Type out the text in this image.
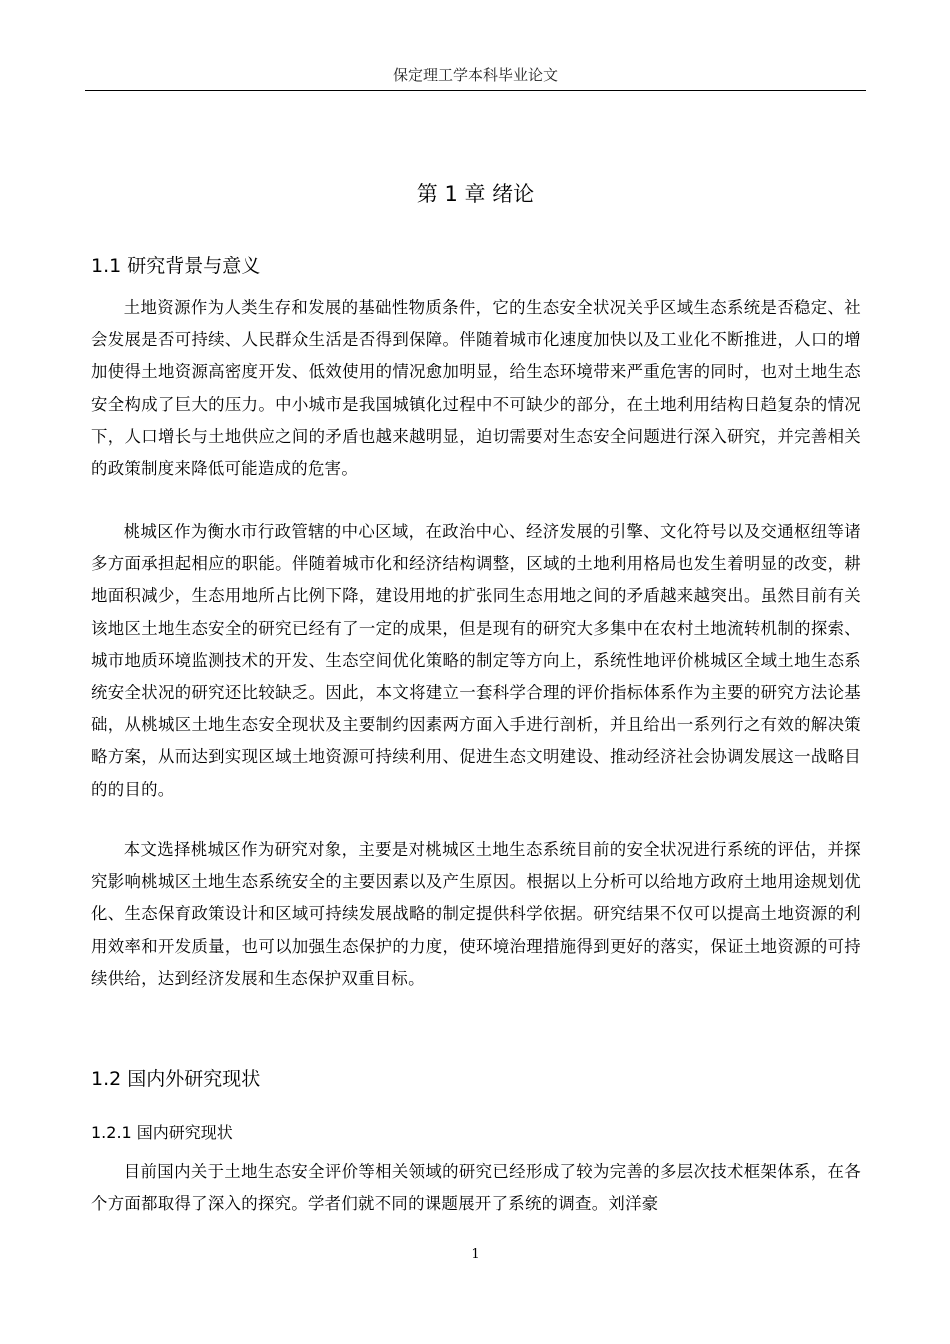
保定理工学本科毕业论文
第 1 章 绪论
1.1 研究背景与意义

土地资源作为人类生存和发展的基础性物质条件，它的生态安全状况关乎区域生态系统是否稳定、社会发展是否可持续、人民群众生活是否得到保障。伴随着城市化速度加快以及工业化不断推进，人口的增加使得土地资源高密度开发、低效使用的情况愈加明显，给生态环境带来严重危害的同时，也对土地生态安全构成了巨大的压力。中小城市是我国城镇化过程中不可缺少的部分，在土地利用结构日趋复杂的情况下，人口增长与土地供应之间的矛盾也越来越明显，迫切需要对生态安全问题进行深入研究，并完善相关的政策制度来降低可能造成的危害。

桃城区作为衡水市行政管辖的中心区域，在政治中心、经济发展的引擎、文化符号以及交通枢纽等诸多方面承担起相应的职能。伴随着城市化和经济结构调整，区域的土地利用格局也发生着明显的改变，耕地面积减少，生态用地所占比例下降，建设用地的扩张同生态用地之间的矛盾越来越突出。虽然目前有关该地区土地生态安全的研究已经有了一定的成果，但是现有的研究大多集中在农村土地流转机制的探索、城市地质环境监测技术的开发、生态空间优化策略的制定等方向上，系统性地评价桃城区全域土地生态系统安全状况的研究还比较缺乏。因此，本文将建立一套科学合理的评价指标体系作为主要的研究方法论基础，从桃城区土地生态安全现状及主要制约因素两方面入手进行剖析，并且给出一系列行之有效的解决策略方案，从而达到实现区域土地资源可持续利用、促进生态文明建设、推动经济社会协调发展这一战略目的的目的。

本文选择桃城区作为研究对象，主要是对桃城区土地生态系统目前的安全状况进行系统的评估，并探究影响桃城区土地生态系统安全的主要因素以及产生原因。根据以上分析可以给地方政府土地用途规划优化、生态保育政策设计和区域可持续发展战略的制定提供科学依据。研究结果不仅可以提高土地资源的利用效率和开发质量，也可以加强生态保护的力度，使环境治理措施得到更好的落实，保证土地资源的可持续供给，达到经济发展和生态保护双重目标。

1.2 国内外研究现状
1.2.1 国内研究现状

目前国内关于土地生态安全评价等相关领域的研究已经形成了较为完善的多层次技术框架体系，在各个方面都取得了深入的探究。学者们就不同的课题展开了系统的调查。刘洋豪

1
